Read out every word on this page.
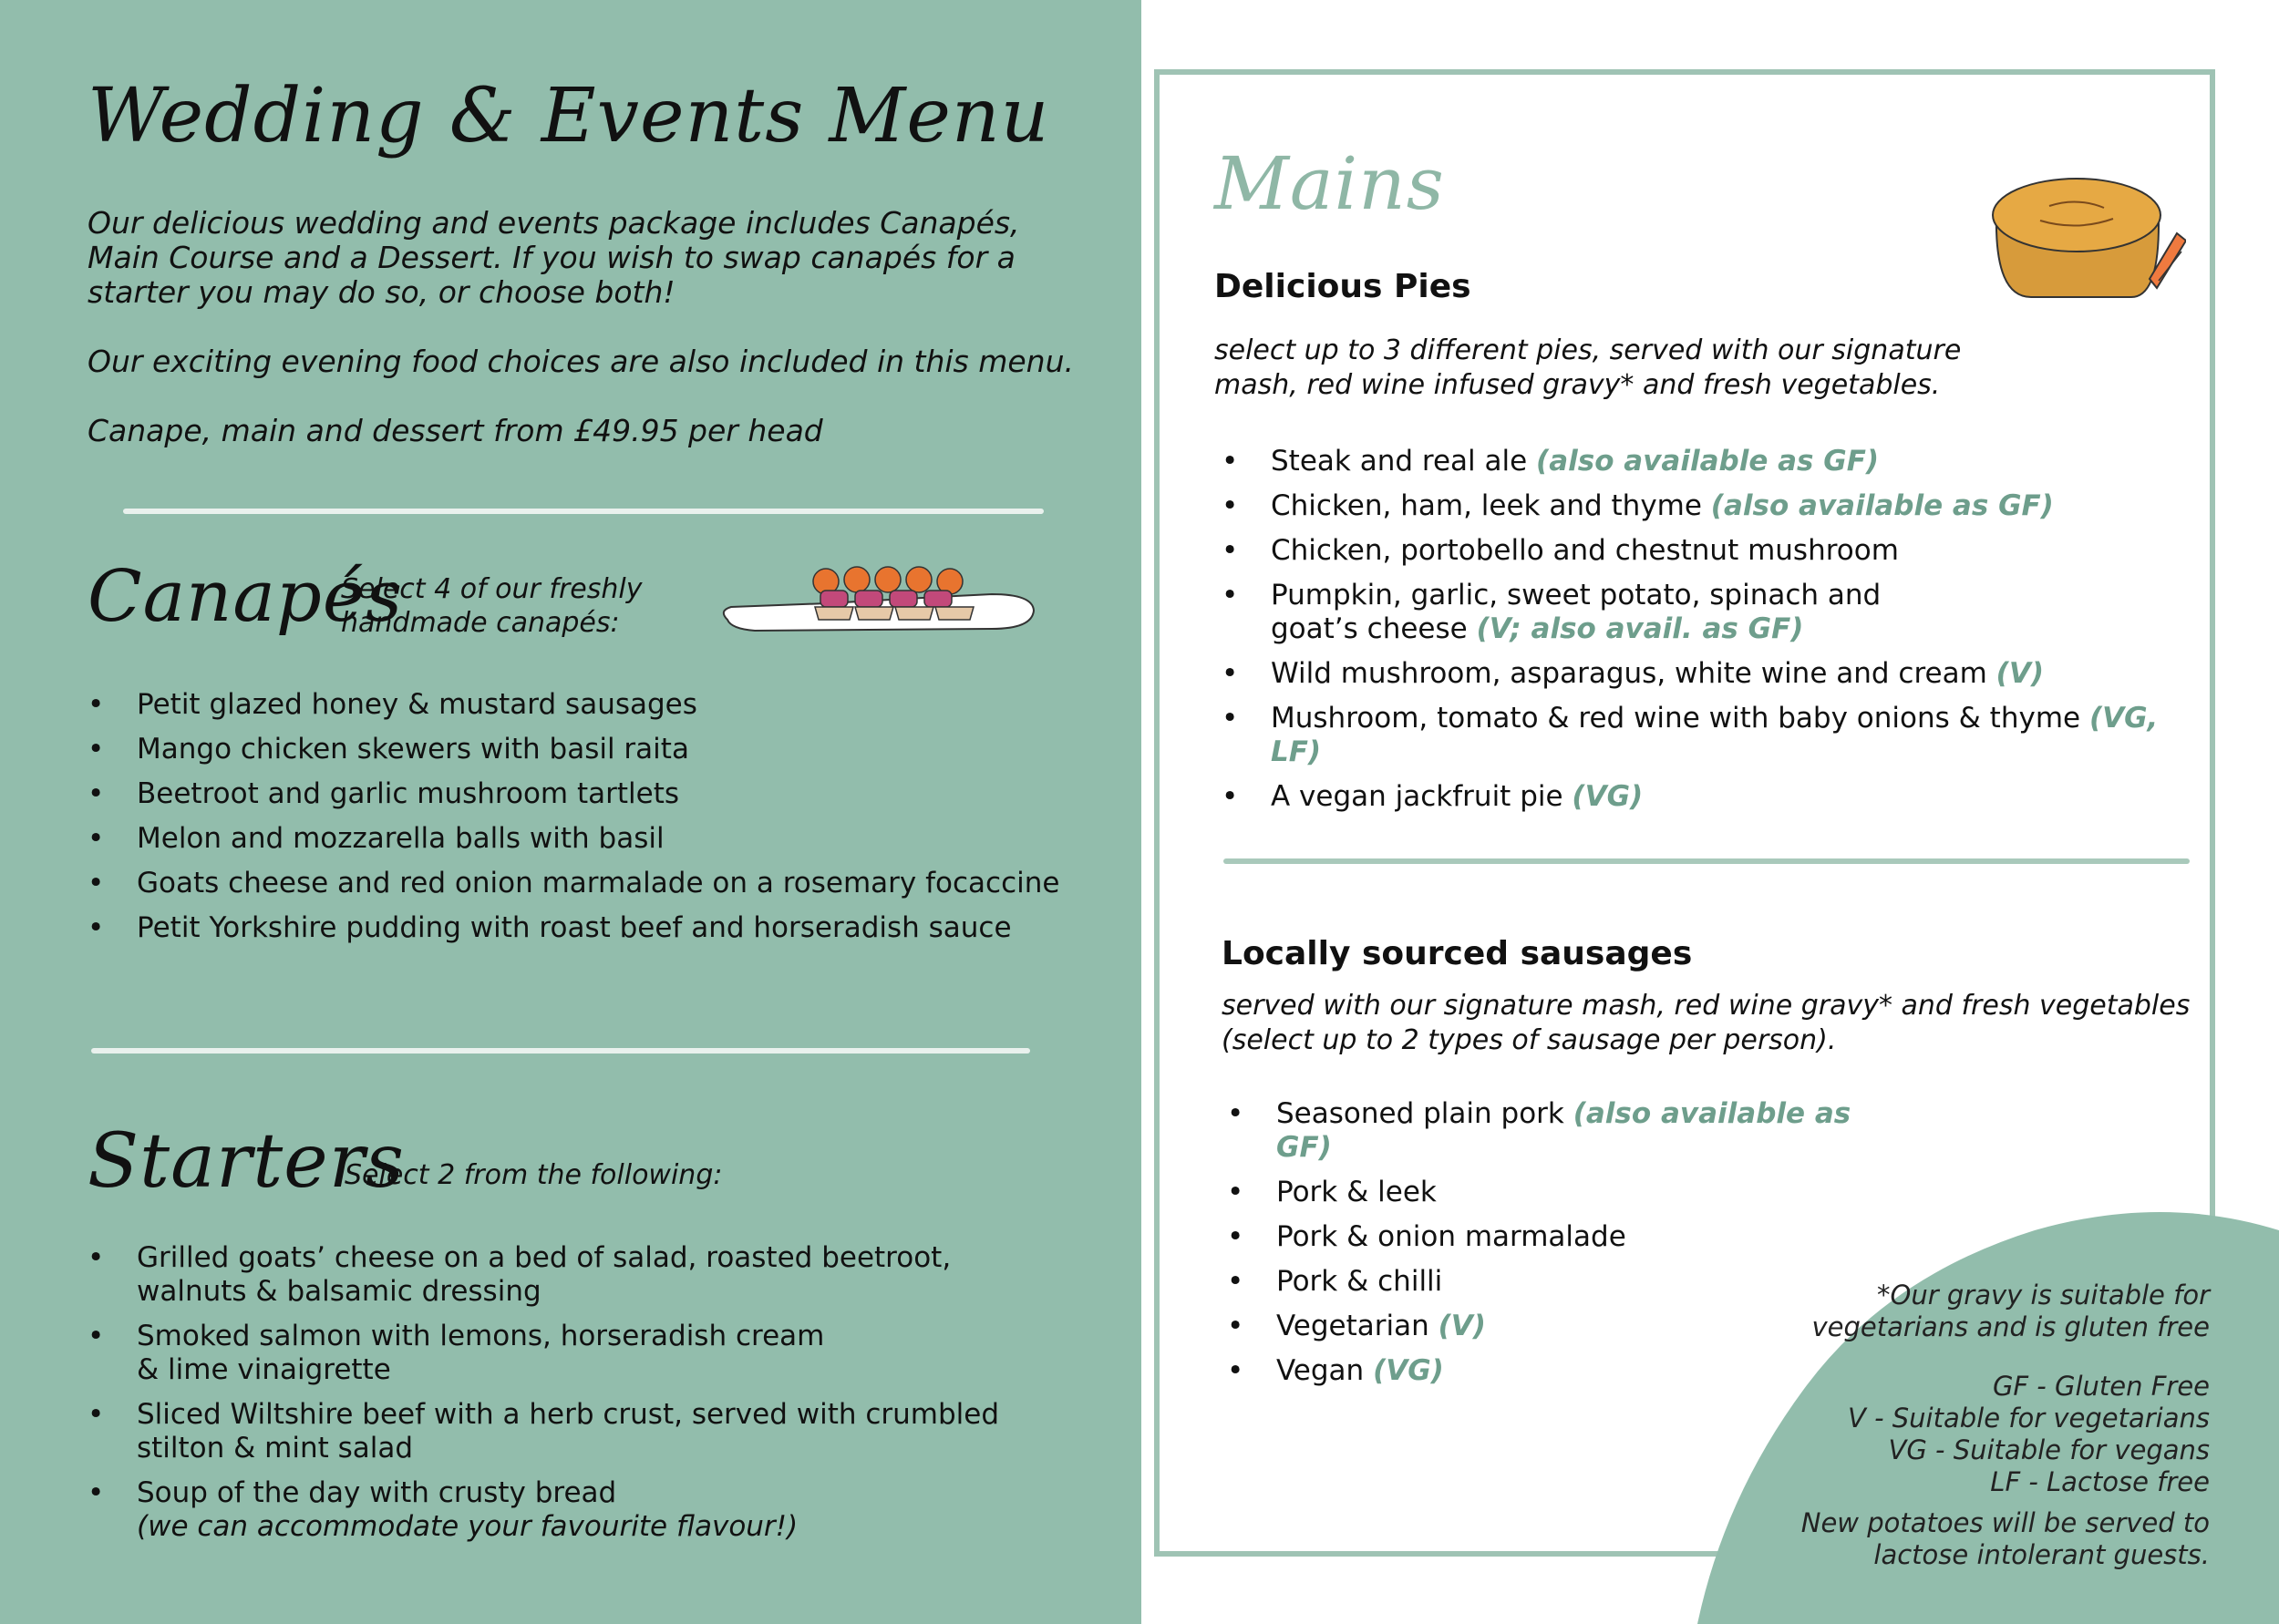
Wedding & Events Menu
Our delicious wedding and events package includes Canapés,
Main Course and a Dessert. If you wish to swap canapés for a
starter you may do so, or choose both!
Our exciting evening food choices are also included in this menu.
Canape, main and dessert from £49.95 per head
Canapés
Select 4 of our freshly
handmade canapés:
• Petit glazed honey & mustard sausages
• Mango chicken skewers with basil raita
• Beetroot and garlic mushroom tartlets
• Melon and mozzarella balls with basil
• Goats cheese and red onion marmalade on a rosemary focaccine
• Petit Yorkshire pudding with roast beef and horseradish sauce
Starters
Select 2 from the following:
• Grilled goats’ cheese on a bed of salad, roasted beetroot,
walnuts & balsamic dressing
• Smoked salmon with lemons, horseradish cream
& lime vinaigrette
• Sliced Wiltshire beef with a herb crust, served with crumbled
stilton & mint salad
• Soup of the day with crusty bread
(we can accommodate your favourite flavour!)
Mains
Delicious Pies
select up to 3 different pies, served with our signature
mash, red wine infused gravy* and fresh vegetables.
• Steak and real ale (also available as GF)
• Chicken, ham, leek and thyme (also available as GF)
• Chicken, portobello and chestnut mushroom
• Pumpkin, garlic, sweet potato, spinach and
goat’s cheese (V; also avail. as GF)
• Wild mushroom, asparagus, white wine and cream (V)
• Mushroom, tomato & red wine with baby onions & thyme (VG, LF)
• A vegan jackfruit pie (VG)
Locally sourced sausages
served with our signature mash, red wine gravy* and fresh vegetables
(select up to 2 types of sausage per person).
• Seasoned plain pork (also available as GF)
• Pork & leek
• Pork & onion marmalade
• Pork & chilli
• Vegetarian (V)
• Vegan (VG)
*Our gravy is suitable for
vegetarians and is gluten free
GF - Gluten Free
V - Suitable for vegetarians
VG - Suitable for vegans
LF - Lactose free
New potatoes will be served to
lactose intolerant guests.
